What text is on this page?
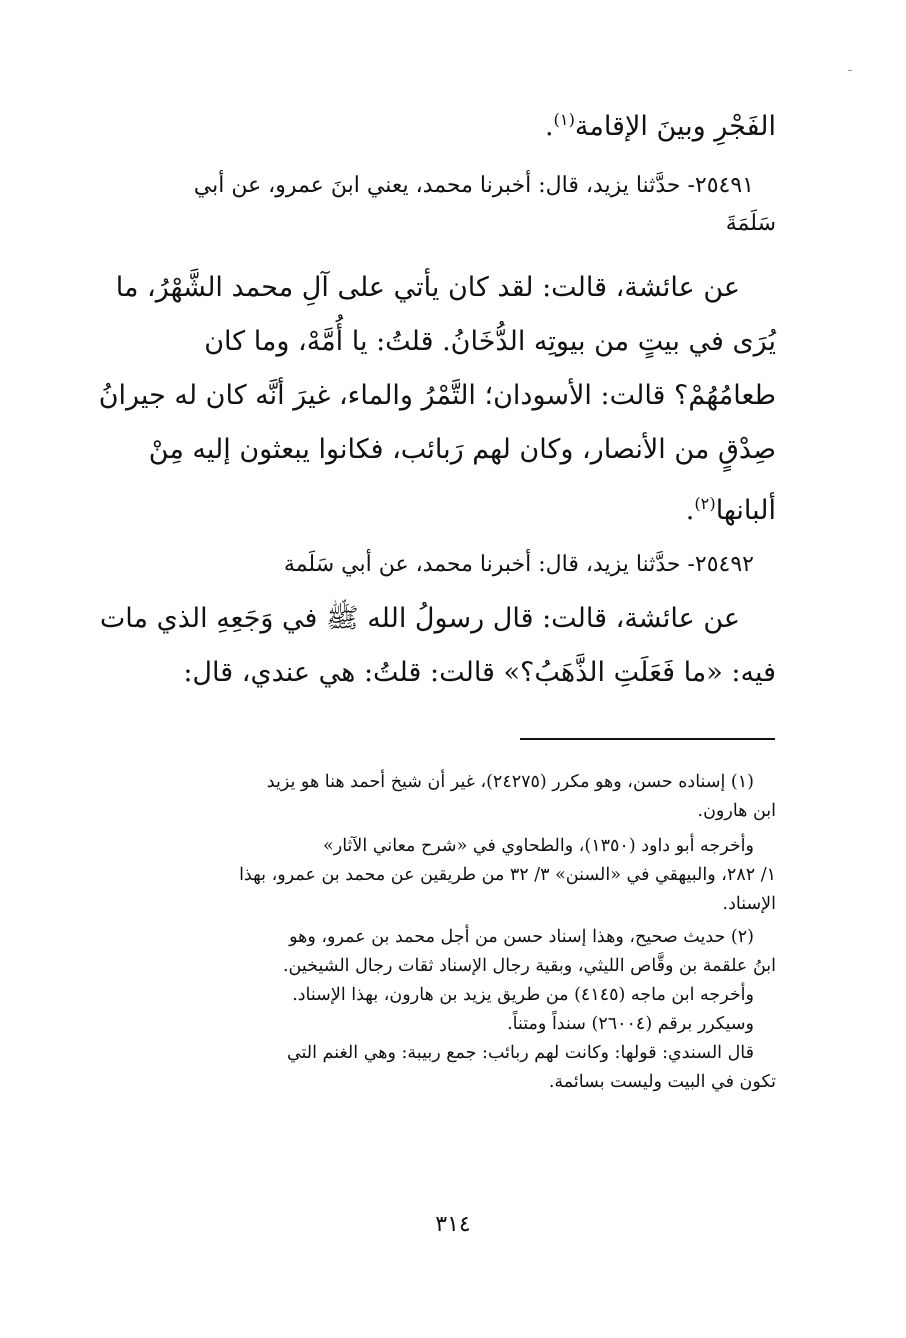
الفَجْرِ وبينَ الإقامة$^{(١)}$.
٢٥٤٩١- حدَّثنا يزيد، قال: أخبرنا محمد، يعني ابنَ عمرو، عن أبي
سَلَمَةَ
عن عائشة، قالت: لقد كان يأتي على آلِ محمد الشَّهْرُ، ما
يُرَى في بيتٍ من بيوتِه الدُّخَانُ. قلتُ: يا أُمَّهْ، وما كان
طعامُهُمْ؟ قالت: الأسودان؛ التَّمْرُ والماء، غيرَ أنَّه كان له جيرانُ
صِدْقٍ من الأنصار، وكان لهم رَبائب، فكانوا يبعثون إليه مِنْ
ألبانها$^{(٢)}$.
٢٥٤٩٢- حدَّثنا يزيد، قال: أخبرنا محمد، عن أبي سَلَمة
عن عائشة، قالت: قال رسولُ الله ﷺ في وَجَعِهِ الذي مات
فيه: «ما فَعَلَتِ الذَّهَبُ؟» قالت: قلتُ: هي عندي، قال:
(١) إسناده حسن، وهو مكرر (٢٤٢٧٥)، غير أن شيخ أحمد هنا هو يزيد
ابن هارون.
وأخرجه أبو داود (١٣٥٠)، والطحاوي في «شرح معاني الآثار»
١/ ٢٨٢، والبيهقي في «السنن» ٣/ ٣٢ من طريقين عن محمد بن عمرو، بهذا
الإسناد.
(٢) حديث صحيح، وهذا إسناد حسن من أجل محمد بن عمرو، وهو
ابنُ علقمة بن وقَّاص الليثي، وبقية رجال الإسناد ثقات رجال الشيخين.
وأخرجه ابن ماجه (٤١٤٥) من طريق يزيد بن هارون، بهذا الإسناد.
وسيكرر برقم (٢٦٠٠٤) سنداً ومتناً.
قال السندي: قولها: وكانت لهم ربائب: جمع ربيبة: وهي الغنم التي
تكون في البيت وليست بسائمة.
٣١٤
